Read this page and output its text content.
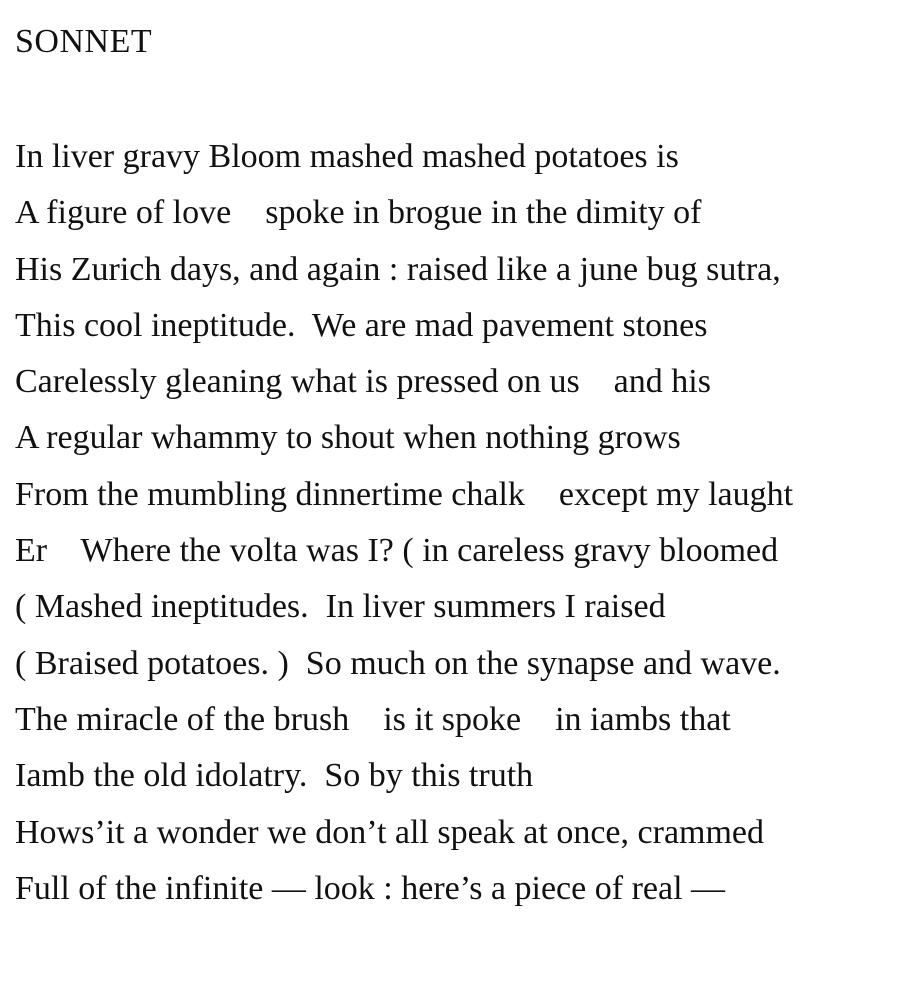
SONNET
In liver gravy Bloom mashed mashed potatoes is
A figure of love    spoke in brogue in the dimity of
His Zurich days, and again : raised like a june bug sutra,
This cool ineptitude.  We are mad pavement stones
Carelessly gleaning what is pressed on us    and his
A regular whammy to shout when nothing grows
From the mumbling dinnertime chalk    except my laught
Er    Where the volta was I? ( in careless gravy bloomed
( Mashed ineptitudes.  In liver summers I raised
( Braised potatoes. )  So much on the synapse and wave.
The miracle of the brush    is it spoke    in iambs that
Iamb the old idolatry.  So by this truth
Hows’it a wonder we don’t all speak at once, crammed
Full of the infinite — look : here’s a piece of real —
